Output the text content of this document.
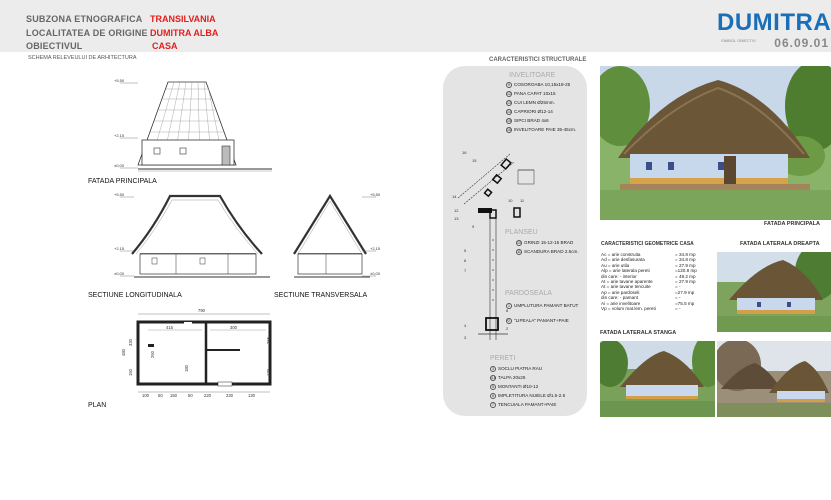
SUBZONA ETNOGRAFICA TRANSILVANIA
LOCALITATEA DE ORIGINE DUMITRA ALBA
OBIECTIVUL	CASA
DUMITRA
SIMBOL OBIECTIV	06.09.01
SCHEMA RELEVEULUI DE ARHITECTURA
+5,50
+2,15
±0,00
FATADA PRINCIPALA
+5,50
+2,15
±0,00
SECTIUNE LONGITUDINALA
+5,50
+2,15
±0,00
SECTIUNE TRANSVERSALA
790
415	300
480
330
150
260
180
265
120
100 50 150	50	220	230	130
PLAN
CARACTERISTICI STRUCTURALE
INVELITOARE
9 COSOROABA 10,15x18-25
12 PANA CAPAT 10x15
13 CUI LEMN Ø25mm.
14 CAPRIORI Ø12-14
15 SIPCI BRAD 4x6
16 INVELITOARE PAIE 35-45cm.
PLANSEU
10 GRINZI 15-12-15 BRAD
11 SCANDURA BRAD 2.5cm.
PARDOSEALA
1 UMPLUTURA PAMANT BATUT
2 "LIPEALA" PAMANT+PAIE
PERETI
3 SOCLU PIATRA RAU
4,8 TALPA 20x25
5 MONTANTI Ø10-12
6 IMPLETITURA NUIELE Ø1.5-2.5
7 TENCUIALA PAMANT+PAIE
16
15
14
13
12
10 11
9
5
6
7
4
3
8
1
2
FATADA PRINCIPALA
CARACTERISTICI GEOMETRICE CASA
Ac = arie construita	= 34.8 mp
Ad = arie desfasurata	= 34.8 mp
Au = arie utila	= 27.9 mp
Alp = arie laterala pereti	=120.8 mp
din care: - interior	= 49.2 mp
At = arie tavane aparente	= 27.9 mp
At = arie tavane tencuite	= -
Ap = arie pardoseli	=27.9 mp
din care: - pamant	= -
Ai = arie invelitoare	=75.5 mp
Vp = volum mat.lem. pereti	= -
FATADA LATERALA DREAPTA
FATADA LATERALA STANGA
